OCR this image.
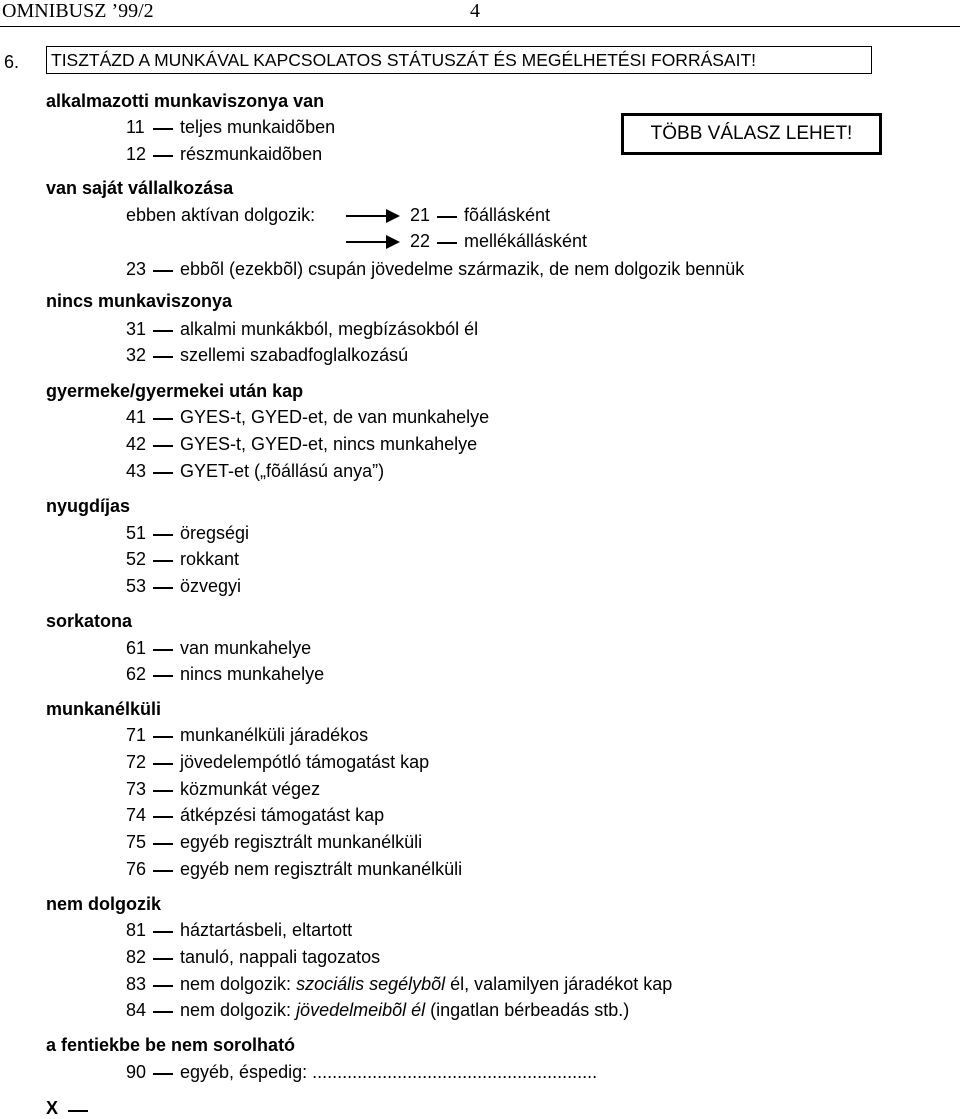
OMNIBUSZ ’99/2	4
6. TISZTÁZD A MUNKÁVAL KAPCSOLATOS STÁTUSZÁT ÉS MEGÉLHETÉSI FORRÁSAIT!
TÖBB VÁLASZ LEHET!
alkalmazotti munkaviszonya van
11 teljes munkaidõben
12 részmunkaidõben
van saját vállalkozása
ebben aktívan dolgozik:	21 fõállásként
22 mellékállásként
23 ebbõl (ezekbõl) csupán jövedelme származik, de nem dolgozik bennük
nincs munkaviszonya
31 alkalmi munkákból, megbízásokból él
32 szellemi szabadfoglalkozású
gyermeke/gyermekei után kap
41 GYES-t, GYED-et, de van munkahelye
42 GYES-t, GYED-et, nincs munkahelye
43 GYET-et („fõállású anya”)
nyugdíjas
51 öregségi
52 rokkant
53 özvegyi
sorkatona
61 van munkahelye
62 nincs munkahelye
munkanélküli
71 munkanélküli járadékos
72 jövedelempótló támogatást kap
73 közmunkát végez
74 átképzési támogatást kap
75 egyéb regisztrált munkanélküli
76 egyéb nem regisztrált munkanélküli
nem dolgozik
81 háztartásbeli, eltartott
82 tanuló, nappali tagozatos
83 nem dolgozik: szociális segélybõl él, valamilyen járadékot kap
84 nem dolgozik: jövedelmeibõl él (ingatlan bérbeadás stb.)
a fentiekbe be nem sorolható
90 egyéb, éspedig: .........................................................
X
